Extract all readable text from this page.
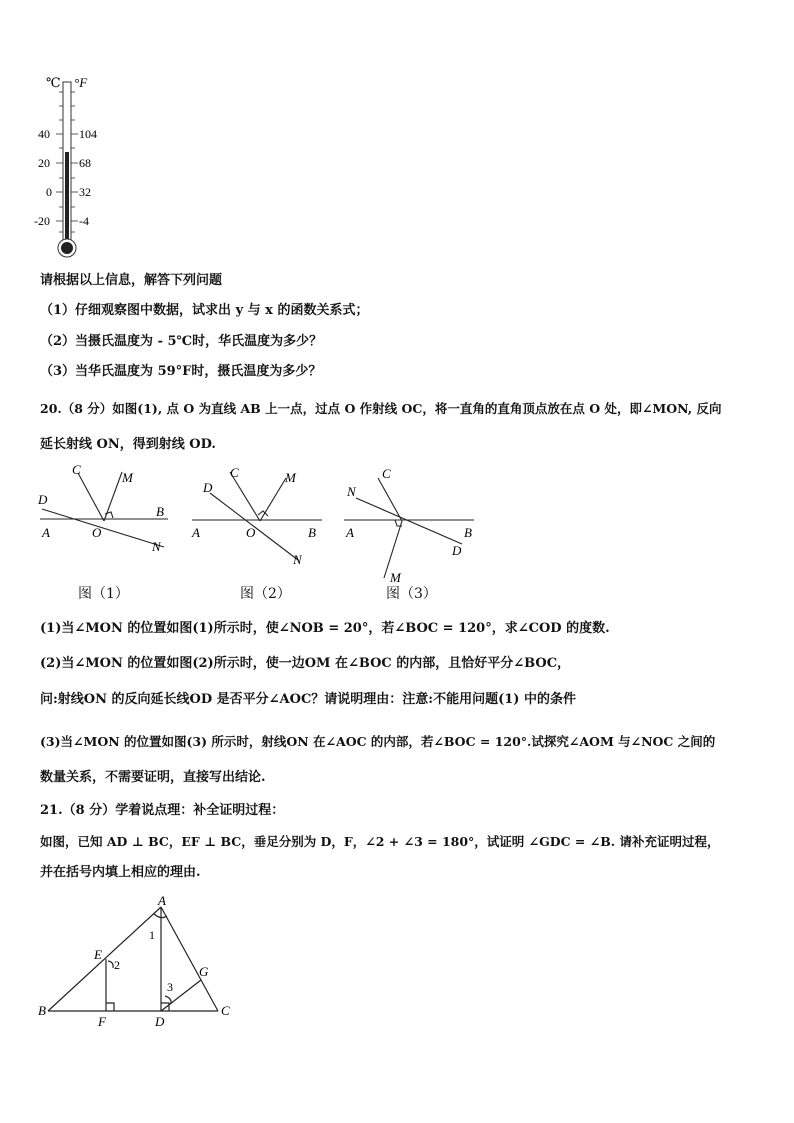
℃ °F
40
20
0
-20
104
68
32
-4
请根据以上信息，解答下列问题
（1）仔细观察图中数据，试求出 y 与 x 的函数关系式；
（2）当摄氏温度为 - 5℃时，华氏温度为多少？
（3）当华氏温度为 59°F时，摄氏温度为多少？
20.（8 分）如图(1), 点 O 为直线 AB 上一点，过点 O 作射线 OC，将一直角的直角顶点放在点 O 处，即∠MON, 反向
延长射线 ON，得到射线 OD.
C
M
D
B
A	O
N
C	M
D
A	O	B
N
C
N
A	B
D
M
图（1）	图（2）	图（3）
(1)当∠MON 的位置如图(1)所示时，使∠NOB = 20°，若∠BOC = 120°，求∠COD 的度数.
(2)当∠MON 的位置如图(2)所示时，使一边OM 在∠BOC 的内部，且恰好平分∠BOC，
问:射线ON 的反向延长线OD 是否平分∠AOC？请说明理由：注意:不能用问题(1) 中的条件
(3)当∠MON 的位置如图(3) 所示时，射线ON 在∠AOC 的内部，若∠BOC = 120°.试探究∠AOM 与∠NOC 之间的
数量关系，不需要证明，直接写出结论.
21.（8 分）学着说点理：补全证明过程：
如图，已知 AD ⊥ BC，EF ⊥ BC，垂足分别为 D，F，∠2 + ∠3 = 180°，试证明 ∠GDC = ∠B. 请补充证明过程，
并在括号内填上相应的理由.
A
1
E
2	G
3
B
F	D
C
